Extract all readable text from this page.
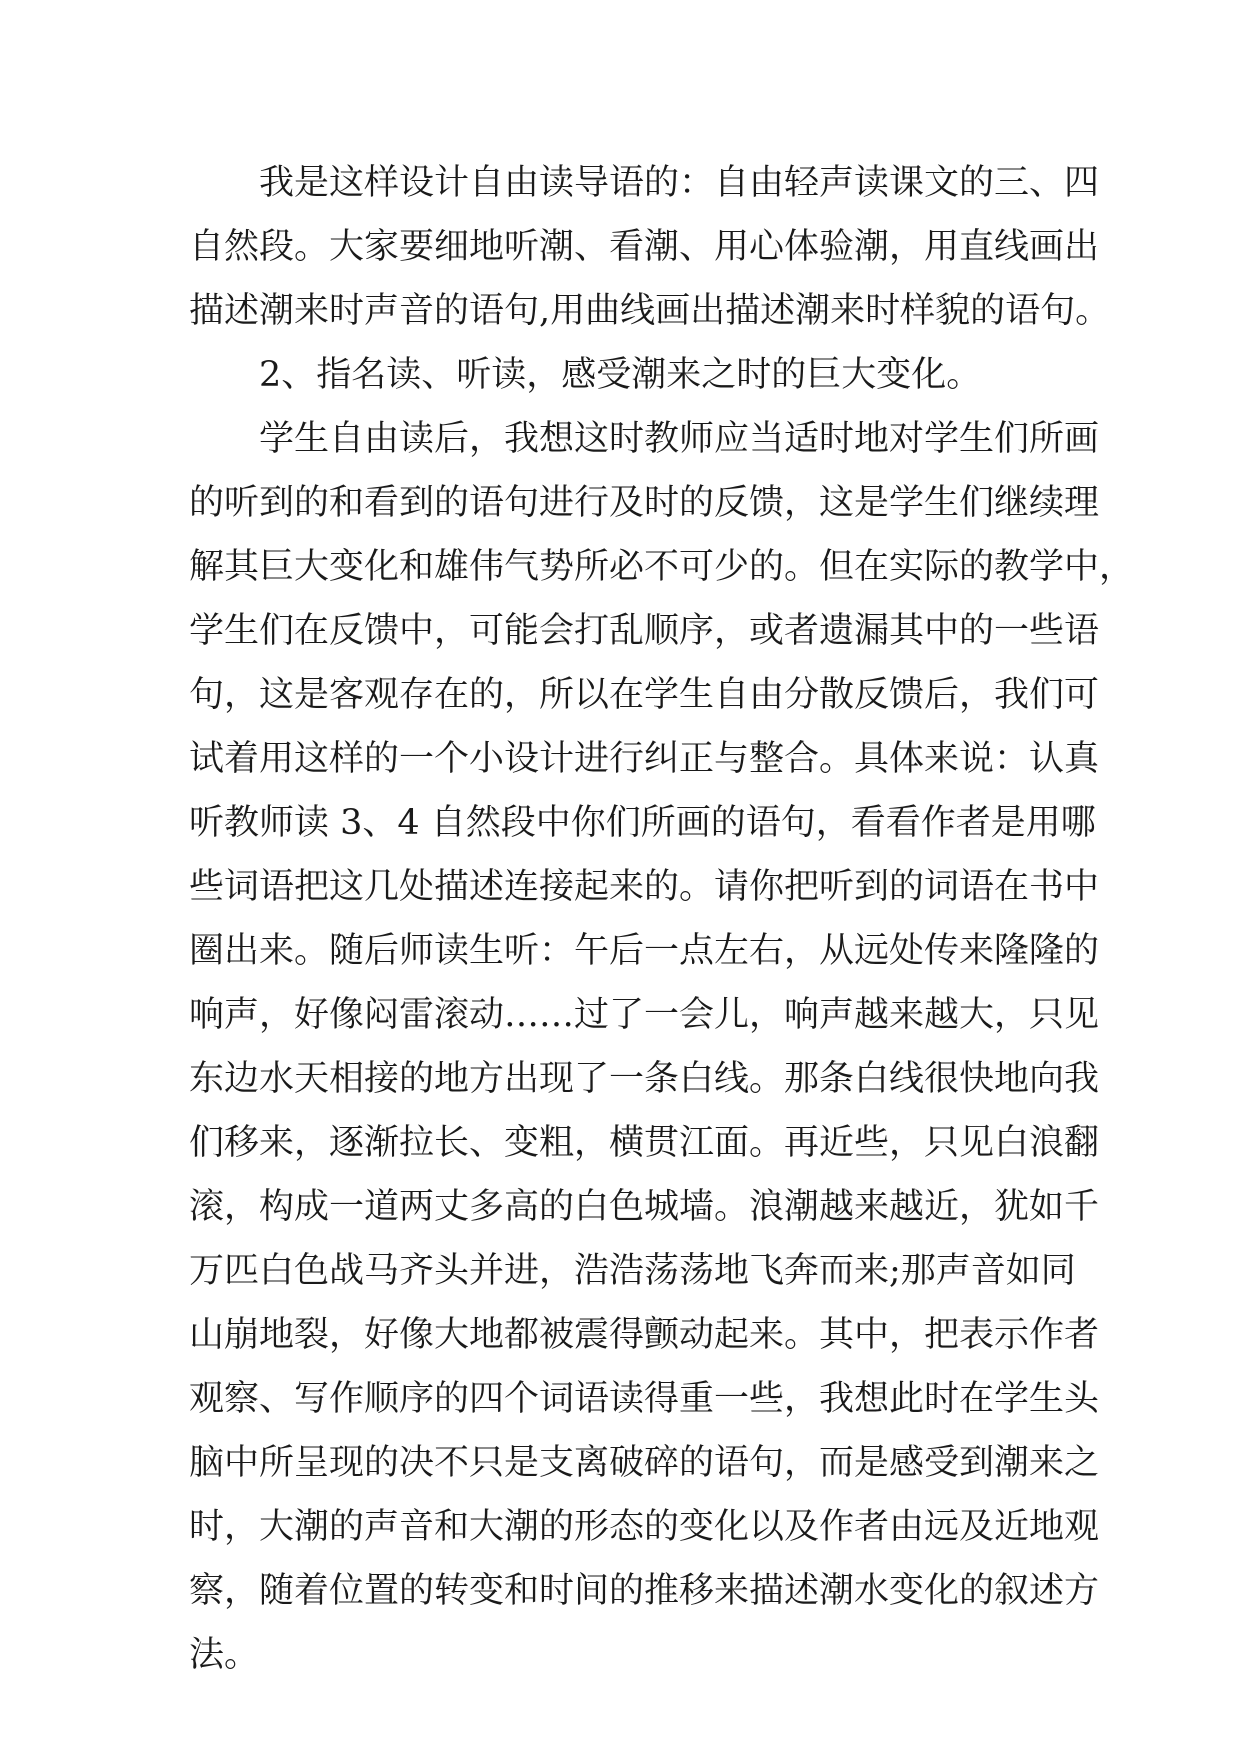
我是这样设计自由读导语的：自由轻声读课文的三、四
自然段。大家要细地听潮、看潮、用心体验潮，用直线画出
描述潮来时声音的语句,用曲线画出描述潮来时样貌的语句。
2、指名读、听读，感受潮来之时的巨大变化。
学生自由读后，我想这时教师应当适时地对学生们所画
的听到的和看到的语句进行及时的反馈，这是学生们继续理
解其巨大变化和雄伟气势所必不可少的。但在实际的教学中，
学生们在反馈中，可能会打乱顺序，或者遗漏其中的一些语
句，这是客观存在的，所以在学生自由分散反馈后，我们可
试着用这样的一个小设计进行纠正与整合。具体来说：认真
听教师读 3、4 自然段中你们所画的语句，看看作者是用哪
些词语把这几处描述连接起来的。请你把听到的词语在书中
圈出来。随后师读生听：午后一点左右，从远处传来隆隆的
响声，好像闷雷滚动……过了一会儿，响声越来越大，只见
东边水天相接的地方出现了一条白线。那条白线很快地向我
们移来，逐渐拉长、变粗，横贯江面。再近些，只见白浪翻
滚，构成一道两丈多高的白色城墙。浪潮越来越近，犹如千
万匹白色战马齐头并进，浩浩荡荡地飞奔而来;那声音如同
山崩地裂，好像大地都被震得颤动起来。其中，把表示作者
观察、写作顺序的四个词语读得重一些，我想此时在学生头
脑中所呈现的决不只是支离破碎的语句，而是感受到潮来之
时，大潮的声音和大潮的形态的变化以及作者由远及近地观
察，随着位置的转变和时间的推移来描述潮水变化的叙述方
法。
